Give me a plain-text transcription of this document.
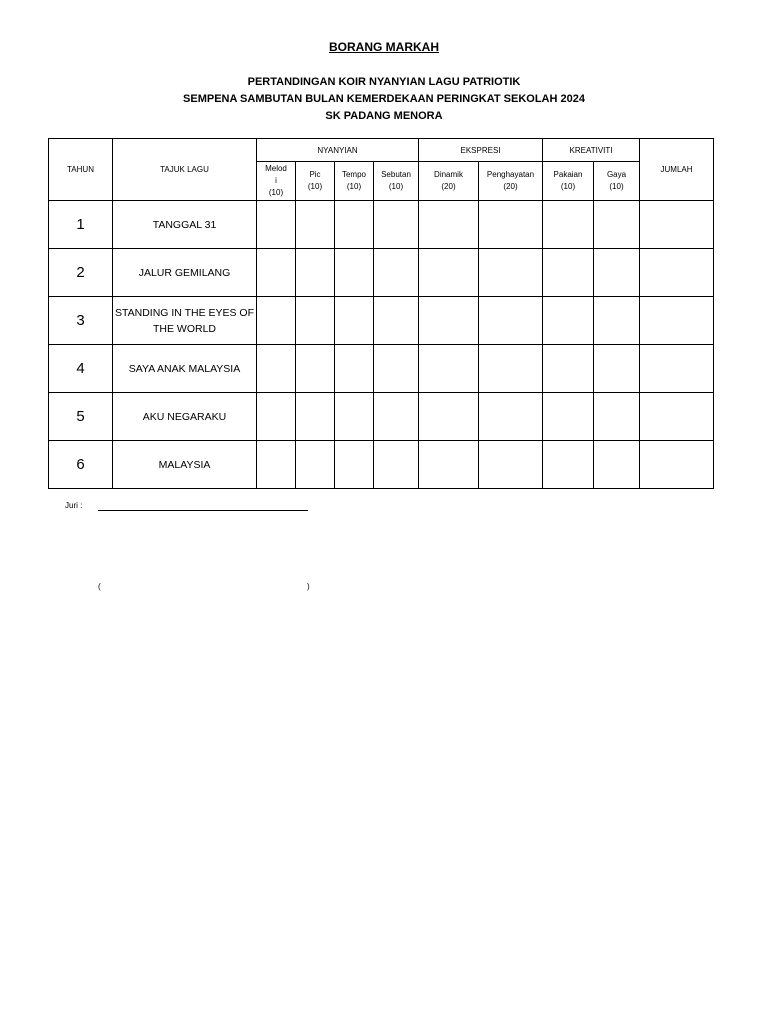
BORANG MARKAH
PERTANDINGAN KOIR NYANYIAN LAGU PATRIOTIK
SEMPENA SAMBUTAN BULAN KEMERDEKAAN PERINGKAT SEKOLAH 2024
SK PADANG MENORA
TAHUN	TAJUK LAGU	NYANYIAN				EKSPRESI		KREATIVITI		JUMLAH
		Melod
i
(10)	Pic
(10)	Tempo
(10)	Sebutan
(10)	Dinamik
(20)	Penghayatan
(20)	Pakaian
(10)	Gaya
(10)	
1	TANGGAL 31									
2	JALUR GEMILANG									
3	STANDING IN THE EYES OF THE WORLD									
4	SAYA ANAK MALAYSIA									
5	AKU NEGARAKU									
6	MALAYSIA									
Juri :
(	)
